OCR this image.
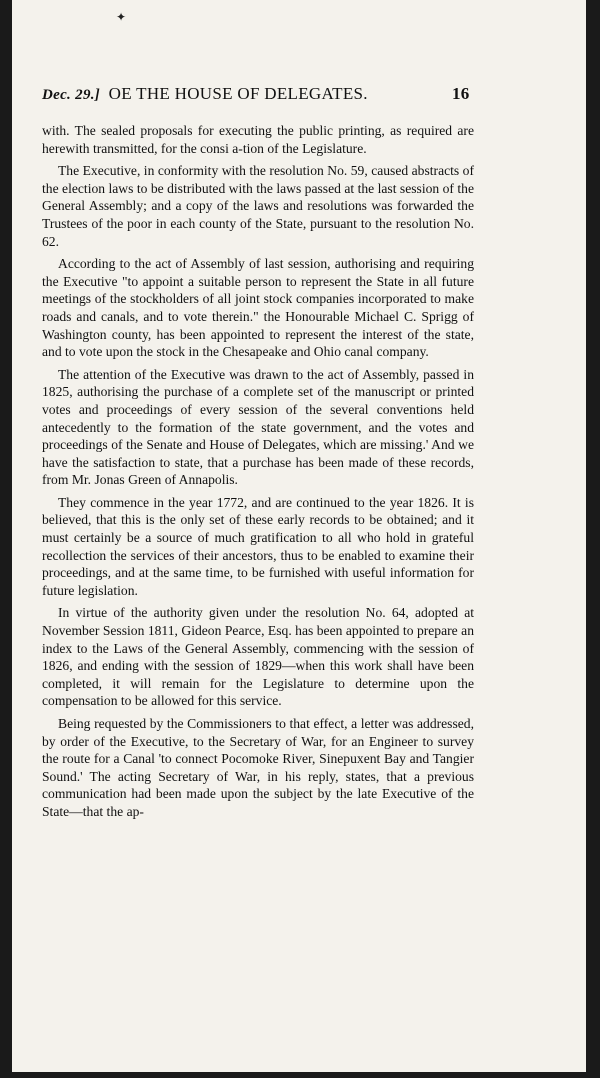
✦	†
Dec. 29.] OE THE HOUSE OF DELEGATES.	16

with. The sealed proposals for executing the public printing, as required are herewith transmitted, for the consi a-tion of the Legislature.

The Executive, in conformity with the resolution No. 59, caused abstracts of the election laws to be distributed with the laws passed at the last session of the General Assembly; and a copy of the laws and resolutions was forwarded the Trustees of the poor in each county of the State, pursuant to the resolution No. 62.

According to the act of Assembly of last session, authorising and requiring the Executive "to appoint a suitable person to represent the State in all future meetings of the stockholders of all joint stock companies incorporated to make roads and canals, and to vote therein." the Honourable Michael C. Sprigg of Washington county, has been appointed to represent the interest of the state, and to vote upon the stock in the Chesapeake and Ohio canal company.

The attention of the Executive was drawn to the act of Assembly, passed in 1825, authorising the purchase of a complete set of the manuscript or printed votes and proceedings of every session of the several conventions held antecedently to the formation of the state government, and the votes and proceedings of the Senate and House of Delegates, which are missing.' And we have the satisfaction to state, that a purchase has been made of these records, from Mr. Jonas Green of Annapolis.

They commence in the year 1772, and are continued to the year 1826. It is believed, that this is the only set of these early records to be obtained; and it must certainly be a source of much gratification to all who hold in grateful recollection the services of their ancestors, thus to be enabled to examine their proceedings, and at the same time, to be furnished with useful information for future legislation.

In virtue of the authority given under the resolution No. 64, adopted at November Session 1811, Gideon Pearce, Esq. has been appointed to prepare an index to the Laws of the General Assembly, commencing with the session of 1826, and ending with the session of 1829—when this work shall have been completed, it will remain for the Legislature to determine upon the compensation to be allowed for this service.

Being requested by the Commissioners to that effect, a letter was addressed, by order of the Executive, to the Secretary of War, for an Engineer to survey the route for a Canal 'to connect Pocomoke River, Sinepuxent Bay and Tangier Sound.' The acting Secretary of War, in his reply, states, that a previous communication had been made upon the subject by the late Executive of the State—that the ap-
